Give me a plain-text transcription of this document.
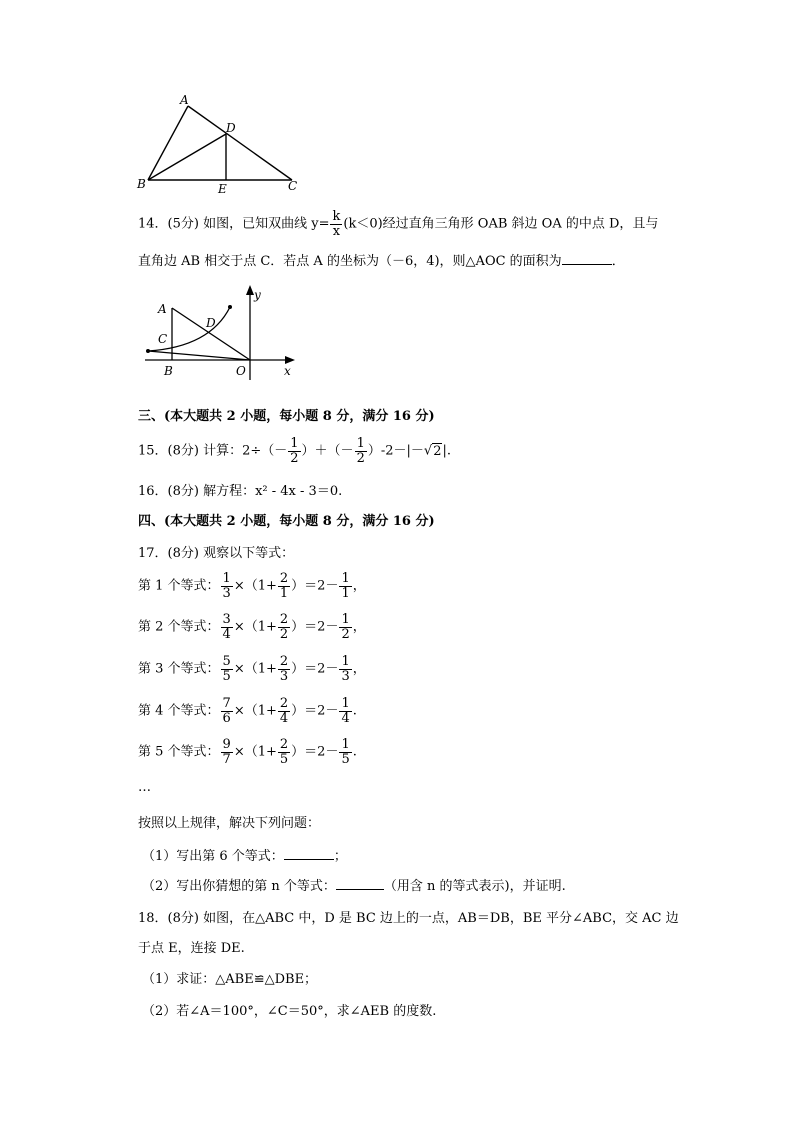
A
D
B	E	C
14．(5分) 如图，已知双曲线 $y= \frac{k}{x} (k<0)$经过直角三角形 OAB 斜边 OA 的中点 D，且与
直角边 AB 相交于点 C．若点 A 的坐标为（－6，4)，则△AOC 的面积为	．
y
A
D
C
B	O	x
三、(本大题共 2 小题，每小题 8 分，满分 16 分)
15．(8分) 计算：$2\div(- \frac{1}{2}$ ）＋（－ $\frac{1}{2} )-2-|-√2|$.
16．(8分) 解方程：x² - 4x - 3＝0.
四、(本大题共 2 小题，每小题 8 分，满分 16 分)
17．(8分) 观察以下等式：
第 1 个等式： $\frac{1}{3} \times(1+ \frac{2}{1} )=2- \frac{1}{1}$ ，
第 2 个等式： $\frac{3}{4} \times(1+ \frac{2}{2} )=2- \frac{1}{2}$ ，
第 3 个等式： $\frac{5}{5} \times(1+ \frac{2}{3} )=2- \frac{1}{3}$ ，
第 4 个等式： $\frac{7}{6} \times(1+ \frac{2}{4} )=2- \frac{1}{4}$ .
第 5 个等式： $\frac{9}{7} \times(1+ \frac{2}{5} )=2- \frac{1}{5}$ .
…
按照以上规律，解决下列问题：
（1）写出第 6 个等式：	；
（2）写出你猜想的第 n 个等式：	（用含 n 的等式表示)，并证明.
18．(8分) 如图，在△ABC 中，D 是 BC 边上的一点，AB＝DB，BE 平分∠ABC，交 AC 边
于点 E，连接 DE.
（1）求证：△ABE≌△DBE；
（2）若∠A＝100°，∠C＝50°，求∠AEB 的度数.
